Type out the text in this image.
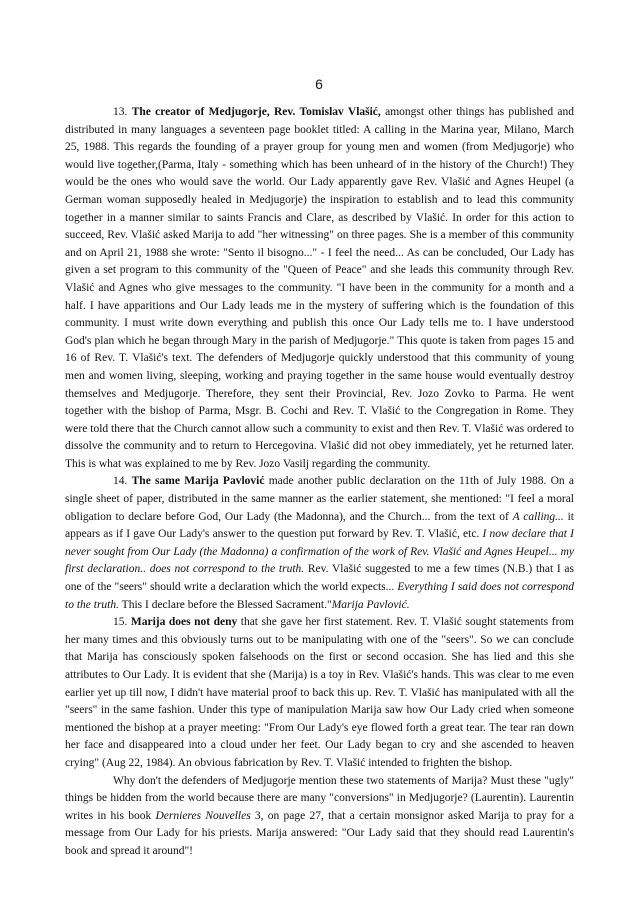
6

13. The creator of Medjugorje, Rev. Tomislav Vlašić, amongst other things has published and distributed in many languages a seventeen page booklet titled: A calling in the Marina year, Milano, March 25, 1988. This regards the founding of a prayer group for young men and women (from Medjugorje) who would live together,(Parma, Italy - something which has been unheard of in the history of the Church!) They would be the ones who would save the world. Our Lady apparently gave Rev. Vlašić and Agnes Heupel (a German woman supposedly healed in Medjugorje) the inspiration to establish and to lead this community together in a manner similar to saints Francis and Clare, as described by Vlašić. In order for this action to succeed, Rev. Vlašić asked Marija to add "her witnessing" on three pages. She is a member of this community and on April 21, 1988 she wrote: "Sento il bisogno..." - I feel the need... As can be concluded, Our Lady has given a set program to this community of the "Queen of Peace" and she leads this community through Rev. Vlašić and Agnes who give messages to the community. "I have been in the community for a month and a half. I have apparitions and Our Lady leads me in the mystery of suffering which is the foundation of this community. I must write down everything and publish this once Our Lady tells me to. I have understood God's plan which he began through Mary in the parish of Medjugorje." This quote is taken from pages 15 and 16 of Rev. T. Vlašić's text. The defenders of Medjugorje quickly understood that this community of young men and women living, sleeping, working and praying together in the same house would eventually destroy themselves and Medjugorje. Therefore, they sent their Provincial, Rev. Jozo Zovko to Parma. He went together with the bishop of Parma, Msgr. B. Cochi and Rev. T. Vlašić to the Congregation in Rome. They were told there that the Church cannot allow such a community to exist and then Rev. T. Vlašić was ordered to dissolve the community and to return to Hercegovina. Vlašić did not obey immediately, yet he returned later. This is what was explained to me by Rev. Jozo Vasilj regarding the community.

14. The same Marija Pavlović made another public declaration on the 11th of July 1988. On a single sheet of paper, distributed in the same manner as the earlier statement, she mentioned: "I feel a moral obligation to declare before God, Our Lady (the Madonna), and the Church... from the text of A calling... it appears as if I gave Our Lady's answer to the question put forward by Rev. T. Vlašić, etc. I now declare that I never sought from Our Lady (the Madonna) a confirmation of the work of Rev. Vlašić and Agnes Heupel... my first declaration.. does not correspond to the truth. Rev. Vlašić suggested to me a few times (N.B.) that I as one of the "seers" should write a declaration which the world expects... Everything I said does not correspond to the truth. This I declare before the Blessed Sacrament."Marija Pavlović.

15. Marija does not deny that she gave her first statement. Rev. T. Vlašić sought statements from her many times and this obviously turns out to be manipulating with one of the "seers". So we can conclude that Marija has consciously spoken falsehoods on the first or second occasion. She has lied and this she attributes to Our Lady. It is evident that she (Marija) is a toy in Rev. Vlašić's hands. This was clear to me even earlier yet up till now, I didn't have material proof to back this up. Rev. T. Vlašić has manipulated with all the "seers" in the same fashion. Under this type of manipulation Marija saw how Our Lady cried when someone mentioned the bishop at a prayer meeting: "From Our Lady's eye flowed forth a great tear. The tear ran down her face and disappeared into a cloud under her feet. Our Lady began to cry and she ascended to heaven crying" (Aug 22, 1984). An obvious fabrication by Rev. T. Vlašić intended to frighten the bishop.

Why don't the defenders of Medjugorje mention these two statements of Marija? Must these "ugly" things be hidden from the world because there are many "conversions" in Medjugorje? (Laurentin). Laurentin writes in his book Dernieres Nouvelles 3, on page 27, that a certain monsignor asked Marija to pray for a message from Our Lady for his priests. Marija answered: "Our Lady said that they should read Laurentin's book and spread it around"!
